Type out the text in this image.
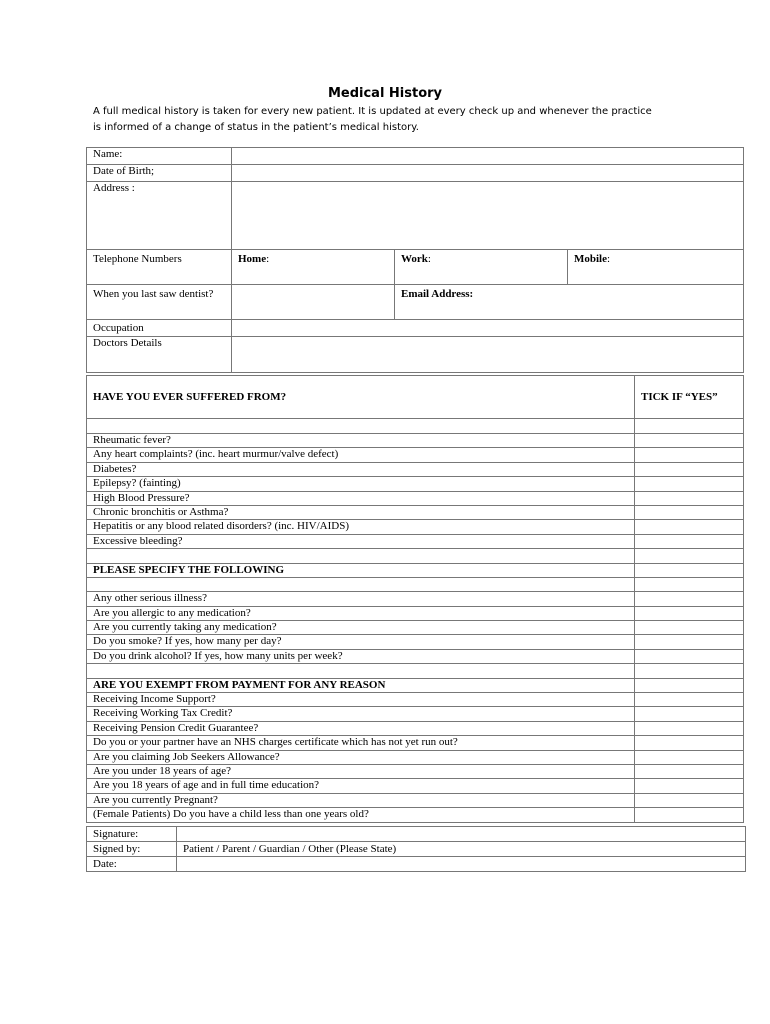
Medical History
A full medical history is taken for every new patient. It is updated at every check up and whenever the practice
is informed of a change of status in the patient’s medical history.
Name:			
Date of Birth;			
Address :			
Telephone Numbers	Home:	Work:	Mobile:
When you last saw dentist?		Email Address:	
Occupation			
Doctors Details			
HAVE YOU EVER SUFFERED FROM?	TICK IF “YES”

Rheumatic fever?	
Any heart complaints? (inc. heart murmur/valve defect)	
Diabetes?	
Epilepsy? (fainting)	
High Blood Pressure?	
Chronic bronchitis or Asthma?	
Hepatitis or any blood related disorders? (inc. HIV/AIDS)	
Excessive bleeding?	

PLEASE SPECIFY THE FOLLOWING	

Any other serious illness?	
Are you allergic to any medication?	
Are you currently taking any medication?	
Do you smoke? If yes, how many per day?	
Do you drink alcohol? If yes, how many units per week?	

ARE YOU EXEMPT FROM PAYMENT FOR ANY REASON	
Receiving Income Support?	
Receiving Working Tax Credit?	
Receiving Pension Credit Guarantee?	
Do you or your partner have an NHS charges certificate which has not yet run out?	
Are you claiming Job Seekers Allowance?	
Are you under 18 years of age?	
Are you 18 years of age and in full time education?	
Are you currently Pregnant?	
(Female Patients) Do you have a child less than one years old?	
Signature:	
Signed by:	Patient / Parent / Guardian / Other (Please State)
Date:	
